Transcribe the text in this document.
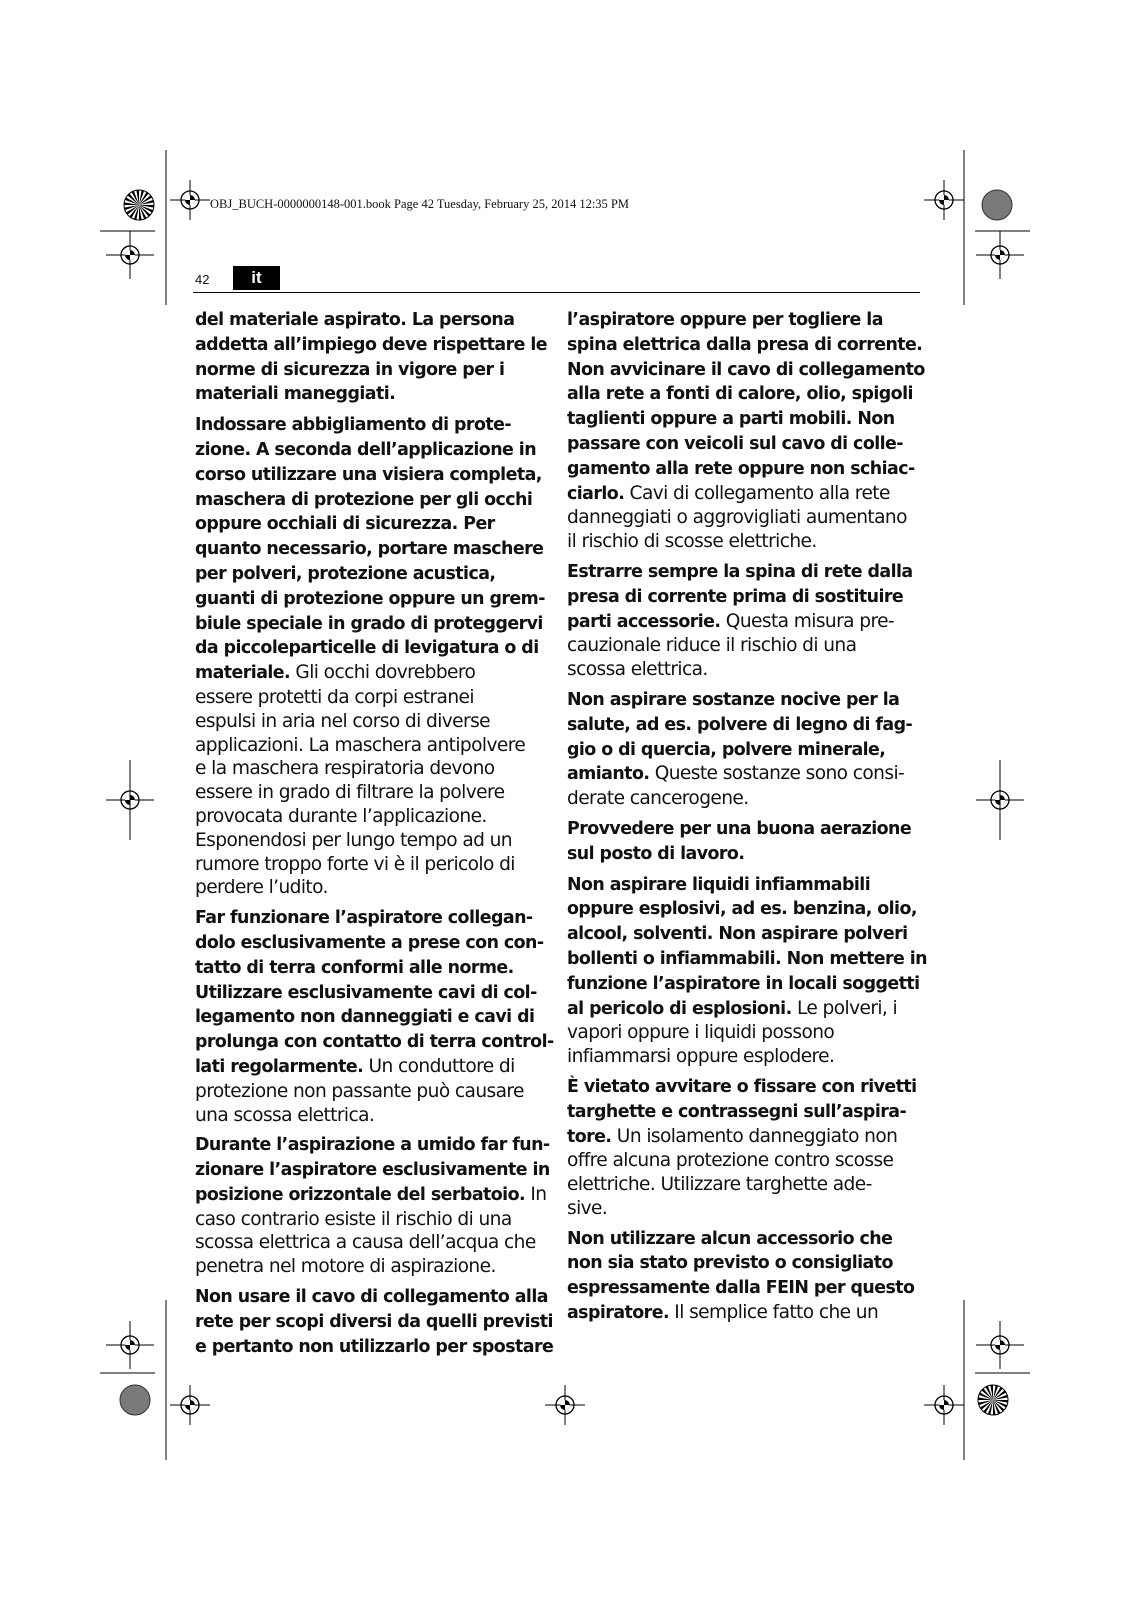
OBJ_BUCH-0000000148-001.book Page 42 Tuesday, February 25, 2014 12:35 PM
42	it
del materiale aspirato. La persona
addetta all’impiego deve rispettare le
norme di sicurezza in vigore per i
materiali maneggiati.
Indossare abbigliamento di prote-
zione. A seconda dell’applicazione in
corso utilizzare una visiera completa,
maschera di protezione per gli occhi
oppure occhiali di sicurezza. Per
quanto necessario, portare maschere
per polveri, protezione acustica,
guanti di protezione oppure un grem-
biule speciale in grado di proteggervi
da piccoleparticelle di levigatura o di
materiale. Gli occhi dovrebbero
essere protetti da corpi estranei
espulsi in aria nel corso di diverse
applicazioni. La maschera antipolvere
e la maschera respiratoria devono
essere in grado di filtrare la polvere
provocata durante l’applicazione.
Esponendosi per lungo tempo ad un
rumore troppo forte vi è il pericolo di
perdere l’udito.
Far funzionare l’aspiratore collegan-
dolo esclusivamente a prese con con-
tatto di terra conformi alle norme.
Utilizzare esclusivamente cavi di col-
legamento non danneggiati e cavi di
prolunga con contatto di terra control-
lati regolarmente. Un conduttore di
protezione non passante può causare
una scossa elettrica.
Durante l’aspirazione a umido far fun-
zionare l’aspiratore esclusivamente in
posizione orizzontale del serbatoio. In
caso contrario esiste il rischio di una
scossa elettrica a causa dell’acqua che
penetra nel motore di aspirazione.
Non usare il cavo di collegamento alla
rete per scopi diversi da quelli previsti
e pertanto non utilizzarlo per spostare
l’aspiratore oppure per togliere la
spina elettrica dalla presa di corrente.
Non avvicinare il cavo di collegamento
alla rete a fonti di calore, olio, spigoli
taglienti oppure a parti mobili. Non
passare con veicoli sul cavo di colle-
gamento alla rete oppure non schiac-
ciarlo. Cavi di collegamento alla rete
danneggiati o aggrovigliati aumentano
il rischio di scosse elettriche.
Estrarre sempre la spina di rete dalla
presa di corrente prima di sostituire
parti accessorie. Questa misura pre-
cauzionale riduce il rischio di una
scossa elettrica.
Non aspirare sostanze nocive per la
salute, ad es. polvere di legno di fag-
gio o di quercia, polvere minerale,
amianto. Queste sostanze sono consi-
derate cancerogene.
Provvedere per una buona aerazione
sul posto di lavoro.
Non aspirare liquidi infiammabili
oppure esplosivi, ad es. benzina, olio,
alcool, solventi. Non aspirare polveri
bollenti o infiammabili. Non mettere in
funzione l’aspiratore in locali soggetti
al pericolo di esplosioni. Le polveri, i
vapori oppure i liquidi possono
infiammarsi oppure esplodere.
È vietato avvitare o fissare con rivetti
targhette e contrassegni sull’aspira-
tore. Un isolamento danneggiato non
offre alcuna protezione contro scosse
elettriche. Utilizzare targhette ade-
sive.
Non utilizzare alcun accessorio che
non sia stato previsto o consigliato
espressamente dalla FEIN per questo
aspiratore. Il semplice fatto che un
